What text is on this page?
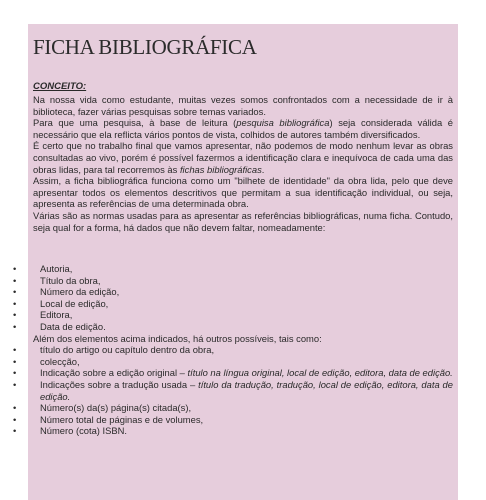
FICHA BIBLIOGRÁFICA
CONCEITO:

Na nossa vida como estudante, muitas vezes somos confrontados com a necessidade de ir à biblioteca, fazer várias pesquisas sobre temas variados.

Para que uma pesquisa, à base de leitura (pesquisa bibliográfica) seja considerada válida é necessário que ela reflicta vários pontos de vista, colhidos de autores também diversificados.

É certo que no trabalho final que vamos apresentar, não podemos de modo nenhum levar as obras consultadas ao vivo, porém é possível fazermos a identificação clara e inequívoca de cada uma das obras lidas, para tal recorremos às fichas bibliográficas.

Assim, a ficha bibliográfica funciona como um "bilhete de identidade" da obra lida, pelo que deve apresentar todos os elementos descritivos que permitam a sua identificação individual, ou seja, apresenta as referências de uma determinada obra.

Várias são as normas usadas para as apresentar as referências bibliográficas, numa ficha. Contudo, seja qual for a forma, há dados que não devem faltar, nomeadamente:

•	Autoria,
•	Título da obra,
•	Número da edição,
•	Local de edição,
•	Editora,
•	Data de edição.
Além dos elementos acima indicados, há outros possíveis, tais como:
•	título do artigo ou capítulo dentro da obra,
•	colecção,
•	Indicação sobre a edição original – título na língua original, local de edição, editora, data de edição.
•	Indicações sobre a tradução usada – título da tradução, tradução, local de edição, editora, data de edição.
•	Número(s) da(s) página(s) citada(s),
•	Número total de páginas e de volumes,
•	Número (cota) ISBN.
